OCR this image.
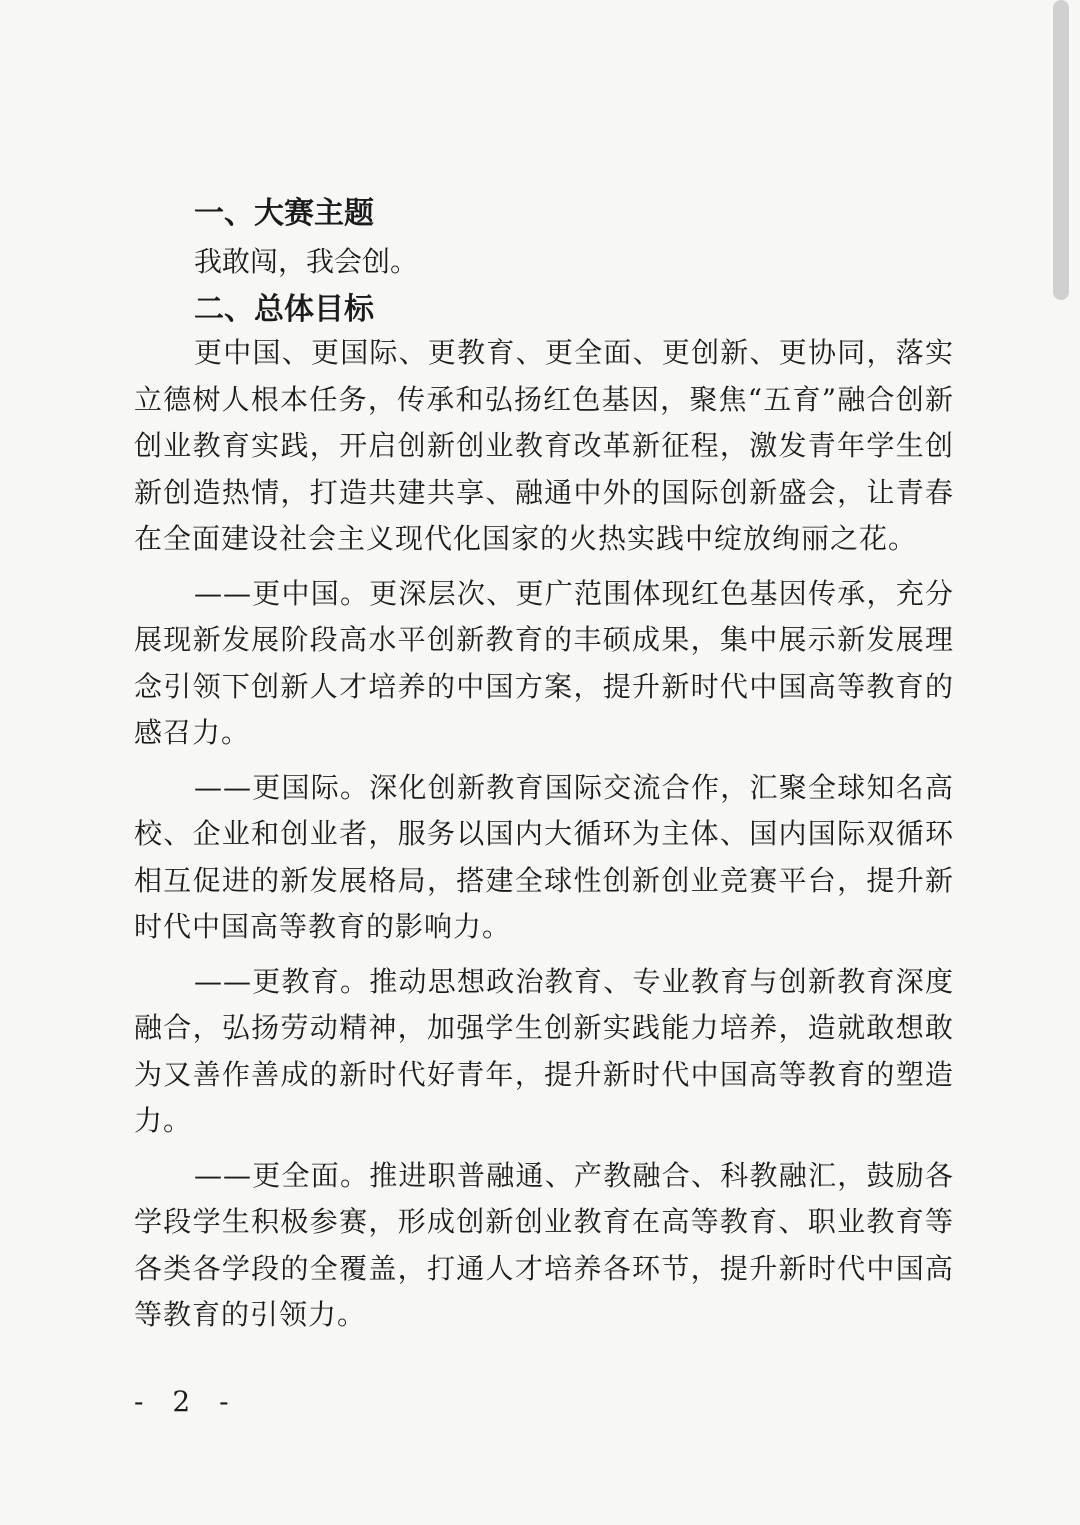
一、大赛主题

我敢闯，我会创。

二、总体目标

更中国、更国际、更教育、更全面、更创新、更协同，落实立德树人根本任务，传承和弘扬红色基因，聚焦“五育”融合创新创业教育实践，开启创新创业教育改革新征程，激发青年学生创新创造热情，打造共建共享、融通中外的国际创新盛会，让青春在全面建设社会主义现代化国家的火热实践中绽放绚丽之花。

——更中国。更深层次、更广范围体现红色基因传承，充分展现新发展阶段高水平创新教育的丰硕成果，集中展示新发展理念引领下创新人才培养的中国方案，提升新时代中国高等教育的感召力。

——更国际。深化创新教育国际交流合作，汇聚全球知名高校、企业和创业者，服务以国内大循环为主体、国内国际双循环相互促进的新发展格局，搭建全球性创新创业竞赛平台，提升新时代中国高等教育的影响力。

——更教育。推动思想政治教育、专业教育与创新教育深度融合，弘扬劳动精神，加强学生创新实践能力培养，造就敢想敢为又善作善成的新时代好青年，提升新时代中国高等教育的塑造力。

——更全面。推进职普融通、产教融合、科教融汇，鼓励各学段学生积极参赛，形成创新创业教育在高等教育、职业教育等各类各学段的全覆盖，打通人才培养各环节，提升新时代中国高等教育的引领力。

- 2 -
